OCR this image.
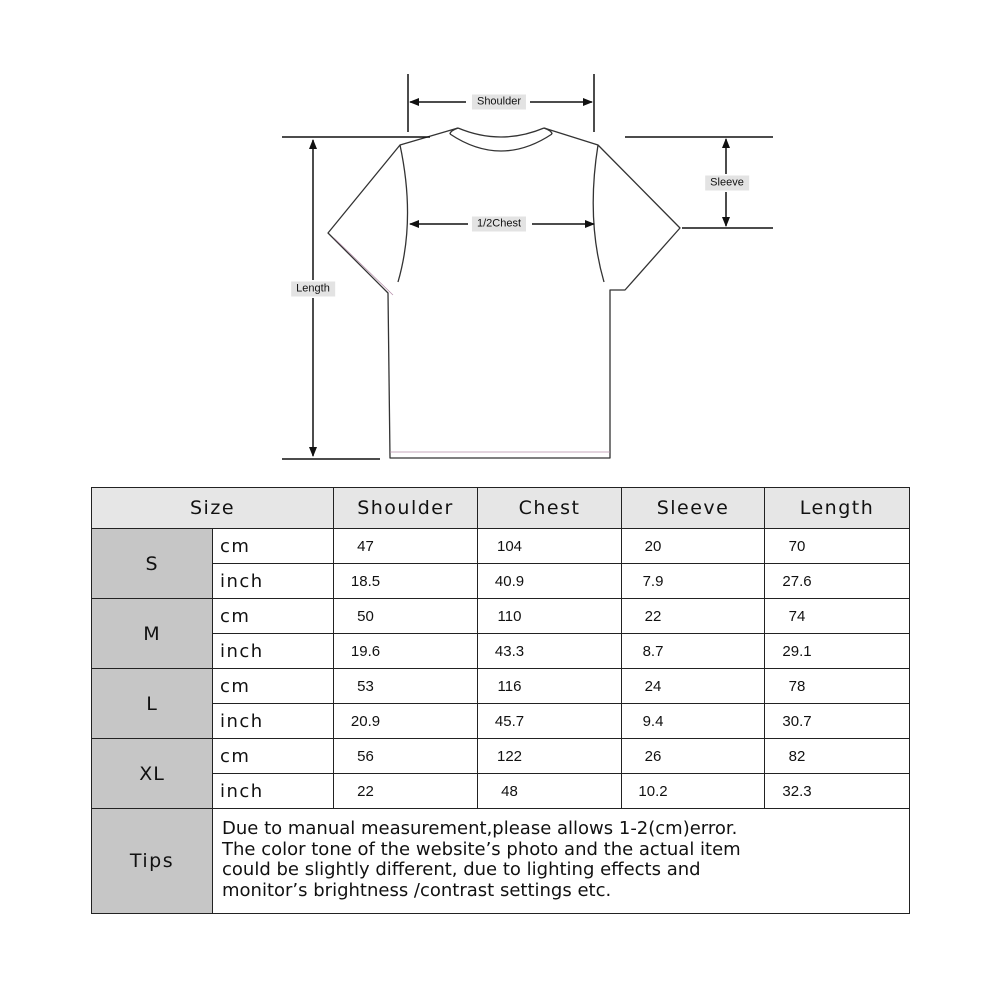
Shoulder
1/2Chest
Sleeve
Length
Size		Shoulder	Chest	Sleeve	Length
S	cm	47	104	20	70
	inch	18.5	40.9	7.9	27.6
M	cm	50	110	22	74
	inch	19.6	43.3	8.7	29.1
L	cm	53	116	24	78
	inch	20.9	45.7	9.4	30.7
XL	cm	56	122	26	82
	inch	22	48	10.2	32.3
Tips	Due to manual measurement,please allows 1-2(cm)error.
The color tone of the website’s photo and the actual item
could be slightly different, due to lighting effects and
monitor’s brightness /contrast settings etc.				
